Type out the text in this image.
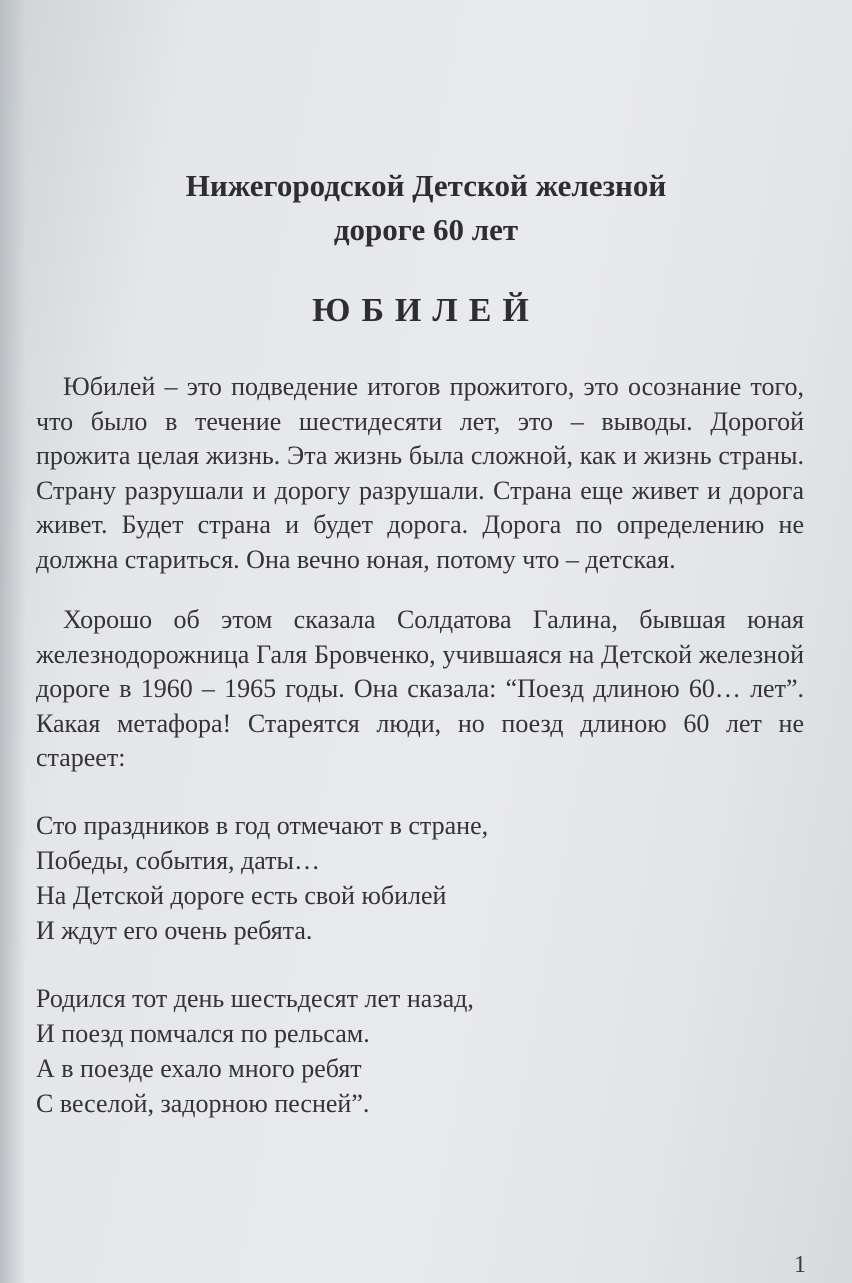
Нижегородской Детской железной
дороге 60 лет
ЮБИЛЕЙ

Юбилей – это подведение итогов прожитого, это осознание того, что было в течение шестидесяти лет, это – выводы. Дорогой прожита целая жизнь. Эта жизнь была сложной, как и жизнь страны. Страну разрушали и дорогу разрушали. Страна еще живет и дорога живет. Будет страна и будет дорога. Дорога по определению не должна стариться. Она вечно юная, потому что – детская.

Хорошо об этом сказала Солдатова Галина, бывшая юная железнодорожница Галя Бровченко, учившаяся на Детской железной дороге в 1960 – 1965 годы. Она сказала: “Поезд длиною 60… лет”. Какая метафора! Стареятся люди, но поезд длиною 60 лет не стареет:

Сто праздников в год отмечают в стране,
Победы, события, даты…
На Детской дороге есть свой юбилей
И ждут его очень ребята.
Родился тот день шестьдесят лет назад,
И поезд помчался по рельсам.
А в поезде ехало много ребят
С веселой, задорною песней”.
1
